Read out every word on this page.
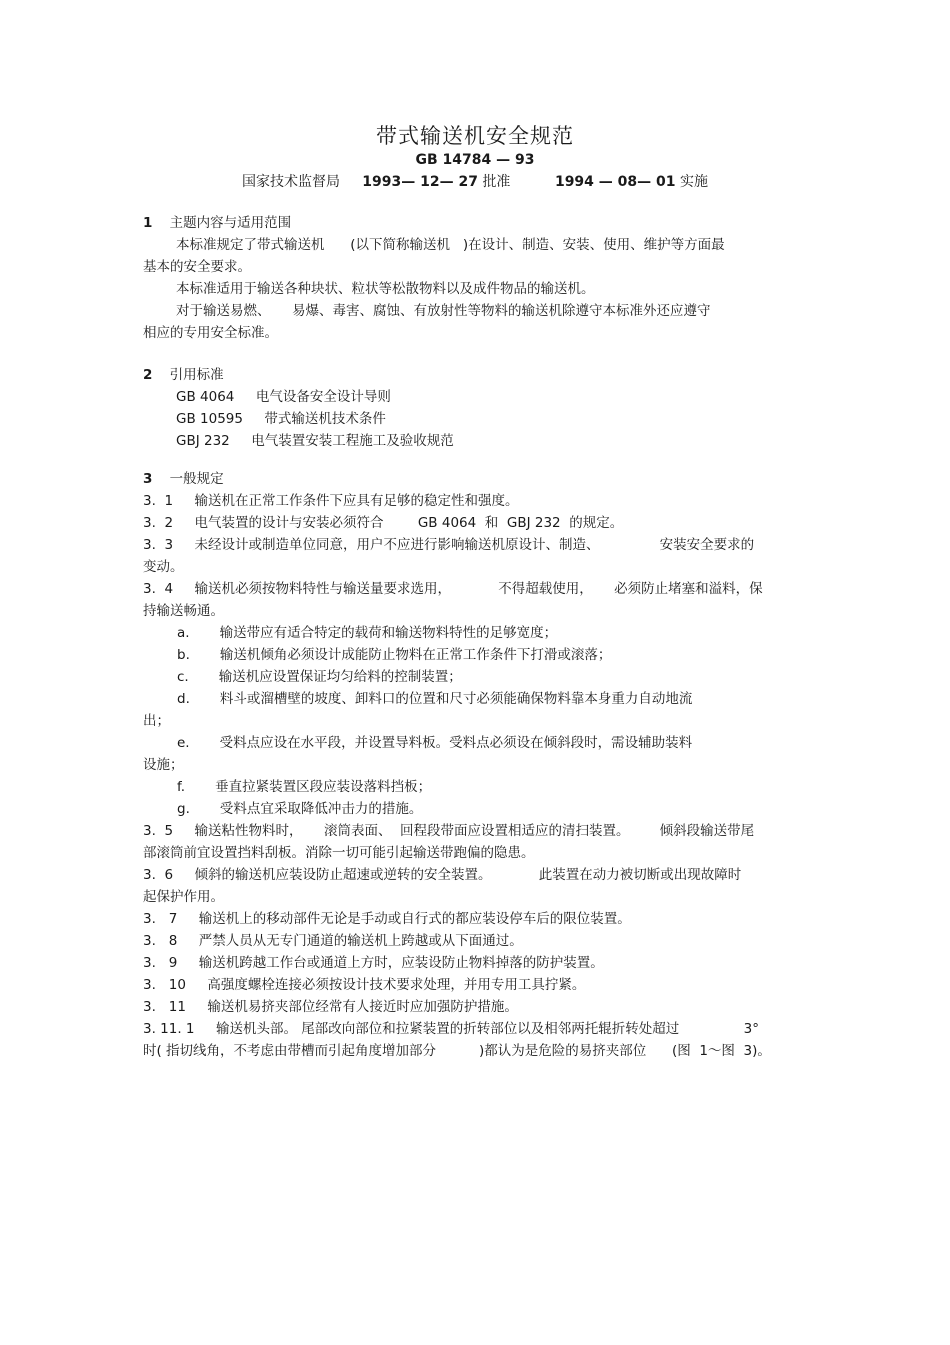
带式输送机安全规范
GB 14784 — 93
国家技术监督局 1993— 12— 27 批准	1994 — 08— 01 实施

1 主题内容与适用范围

本标准规定了带式输送机      (以下简称输送机   )在设计、制造、安装、使用、维护等方面最

基本的安全要求。

本标准适用于输送各种块状、粒状等松散物料以及成件物品的输送机。

对于输送易燃、     易爆、毒害、腐蚀、有放射性等物料的输送机除遵守本标准外还应遵守

相应的专用安全标准。

2 引用标准

GB 4064     电气设备安全设计导则

GB 10595     带式输送机技术条件

GBJ 232     电气装置安装工程施工及验收规范

3 一般规定

3.  1     输送机在正常工作条件下应具有足够的稳定性和强度。

3.  2     电气装置的设计与安装必须符合        GB 4064  和  GBJ 232  的规定。

3.  3     未经设计或制造单位同意，用户不应进行影响输送机原设计、制造、              安装安全要求的

变动。

3.  4     输送机必须按物料特性与输送量要求选用，           不得超载使用，     必须防止堵塞和溢料，保

持输送畅通。

a.       输送带应有适合特定的载荷和输送物料特性的足够宽度；

b.       输送机倾角必须设计成能防止物料在正常工作条件下打滑或滚落；

c.       输送机应设置保证均匀给料的控制装置；

d.       料斗或溜槽壁的坡度、卸料口的位置和尺寸必须能确保物料靠本身重力自动地流

出；

e.       受料点应设在水平段，并设置导料板。受料点必须设在倾斜段时，需设辅助装料

设施；

f.       垂直拉紧装置区段应装设落料挡板；

g.       受料点宜采取降低冲击力的措施。

3.  5     输送粘性物料时，     滚筒表面、  回程段带面应设置相适应的清扫装置。       倾斜段输送带尾

部滚筒前宜设置挡料刮板。消除一切可能引起输送带跑偏的隐患。

3.  6     倾斜的输送机应装设防止超速或逆转的安全装置。           此装置在动力被切断或出现故障时

起保护作用。

3.   7     输送机上的移动部件无论是手动或自行式的都应装设停车后的限位装置。

3.   8     严禁人员从无专门通道的输送机上跨越或从下面通过。

3.   9     输送机跨越工作台或通道上方时，应装设防止物料掉落的防护装置。

3.   10     高强度螺栓连接必须按设计技术要求处理，并用专用工具拧紧。

3.   11     输送机易挤夹部位经常有人接近时应加强防护措施。

3. 11. 1     输送机头部。 尾部改向部位和拉紧装置的折转部位以及相邻两托辊折转处超过               3°

时( 指切线角，不考虑由带槽而引起角度增加部分          )都认为是危险的易挤夹部位      (图  1～图  3)。
